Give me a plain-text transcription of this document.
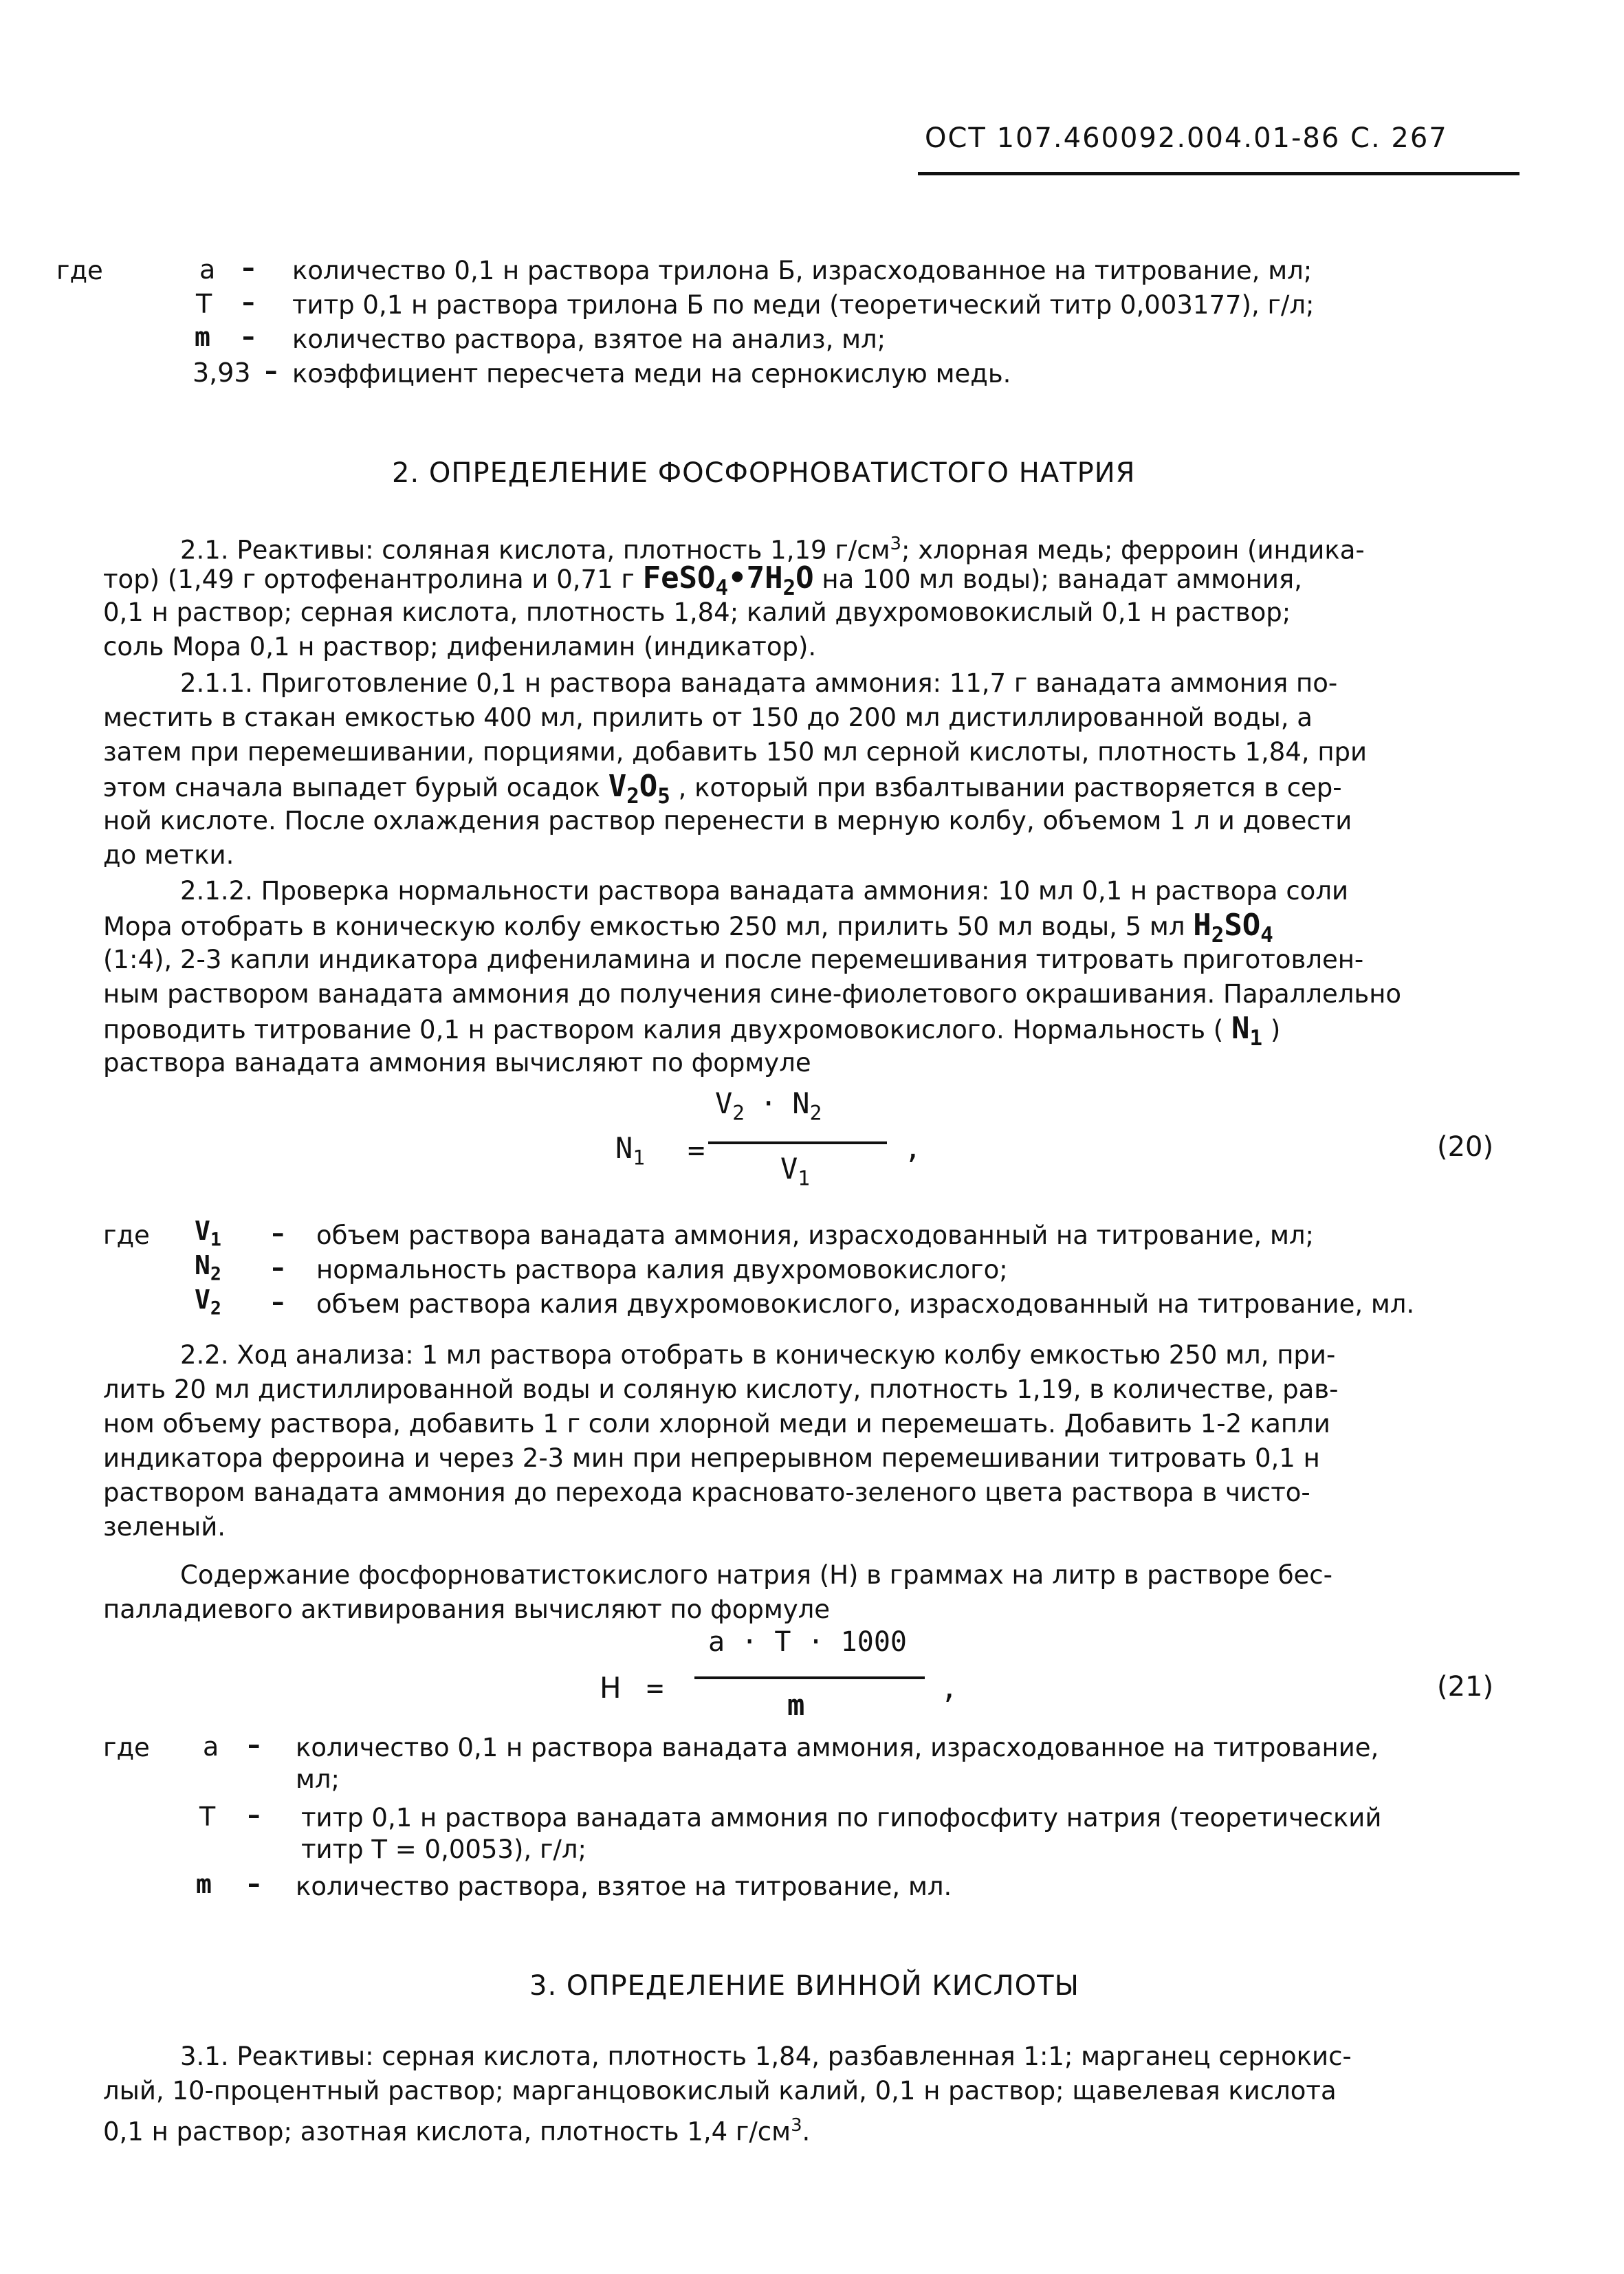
ОСТ 107.460092.004.01-86 С. 267
где	a – количество 0,1 н раствора трилона Б, израсходованное на титрование, мл;
Т – титр 0,1 н раствора трилона Б по меди (теоретический титр 0,003177), г/л;
m – количество раствора, взятое на анализ, мл;
3,93 – коэффициент пересчета меди на сернокислую медь.
2. ОПРЕДЕЛЕНИЕ ФОСФОРНОВАТИСТОГО НАТРИЯ
2.1. Реактивы: соляная кислота, плотность 1,19 $г/см^3$; хлорная медь; ферроин (индика-
тор) (1,49 г ортофенантролина и 0,71 г $FeSO_4•7H_2O$ на 100 мл воды); ванадат аммония,
0,1 н раствор; серная кислота, плотность 1,84; калий двухромовокислый 0,1 н раствор;
соль Мора 0,1 н раствор; дифениламин (индикатор).
2.1.1. Приготовление 0,1 н раствора ванадата аммония: 11,7 г ванадата аммония по-
местить в стакан емкостью 400 мл, прилить от 150 до 200 мл дистиллированной воды, а
затем при перемешивании, порциями, добавить 150 мл серной кислоты, плотность 1,84, при
этом сначала выпадет бурый осадок $V_2O_5$ , который при взбалтывании растворяется в сер-
ной кислоте. После охлаждения раствор перенести в мерную колбу, объемом 1 л и довести
до метки.
2.1.2. Проверка нормальности раствора ванадата аммония: 10 мл 0,1 н раствора соли
Мора отобрать в коническую колбу емкостью 250 мл, прилить 50 мл воды, 5 мл $H_2SO_4$
(1:4), 2-3 капли индикатора дифениламина и после перемешивания титровать приготовлен-
ным раствором ванадата аммония до получения сине-фиолетового окрашивания. Параллельно
проводить титрование 0,1 н раствором калия двухромовокислого. Нормальность ( $N_1$ )
раствора ванадата аммония вычисляют по формуле
$N_1$ =
$V_2 \cdot N_2$
$V_1$
,	(20)
где $V_1$ – объем раствора ванадата аммония, израсходованный на титрование, мл;
$N_2$ – нормальность раствора калия двухромовокислого;
$V_2$ – объем раствора калия двухромовокислого, израсходованный на титрование, мл.
2.2. Ход анализа: 1 мл раствора отобрать в коническую колбу емкостью 250 мл, при-
лить 20 мл дистиллированной воды и соляную кислоту, плотность 1,19, в количестве, рав-
ном объему раствора, добавить 1 г соли хлорной меди и перемешать. Добавить 1-2 капли
индикатора ферроина и через 2-3 мин при непрерывном перемешивании титровать 0,1 н
раствором ванадата аммония до перехода красновато-зеленого цвета раствора в чисто-
зеленый.
Содержание фосфорноватистокислого натрия (Н) в граммах на литр в растворе бес-
палладиевого активирования вычисляют по формуле
Н =
a · Т · 1000
m
,	(21)
где a – количество 0,1 н раствора ванадата аммония, израсходованное на титрование,
мл;
Т – титр 0,1 н раствора ванадата аммония по гипофосфиту натрия (теоретический
титр Т = 0,0053), г/л;
m – количество раствора, взятое на титрование, мл.
3. ОПРЕДЕЛЕНИЕ ВИННОЙ КИСЛОТЫ
3.1. Реактивы: серная кислота, плотность 1,84, разбавленная 1:1; марганец сернокис-
лый, 10-процентный раствор; марганцовокислый калий, 0,1 н раствор; щавелевая кислота
0,1 н раствор; азотная кислота, плотность 1,4 $г/см^3$.
